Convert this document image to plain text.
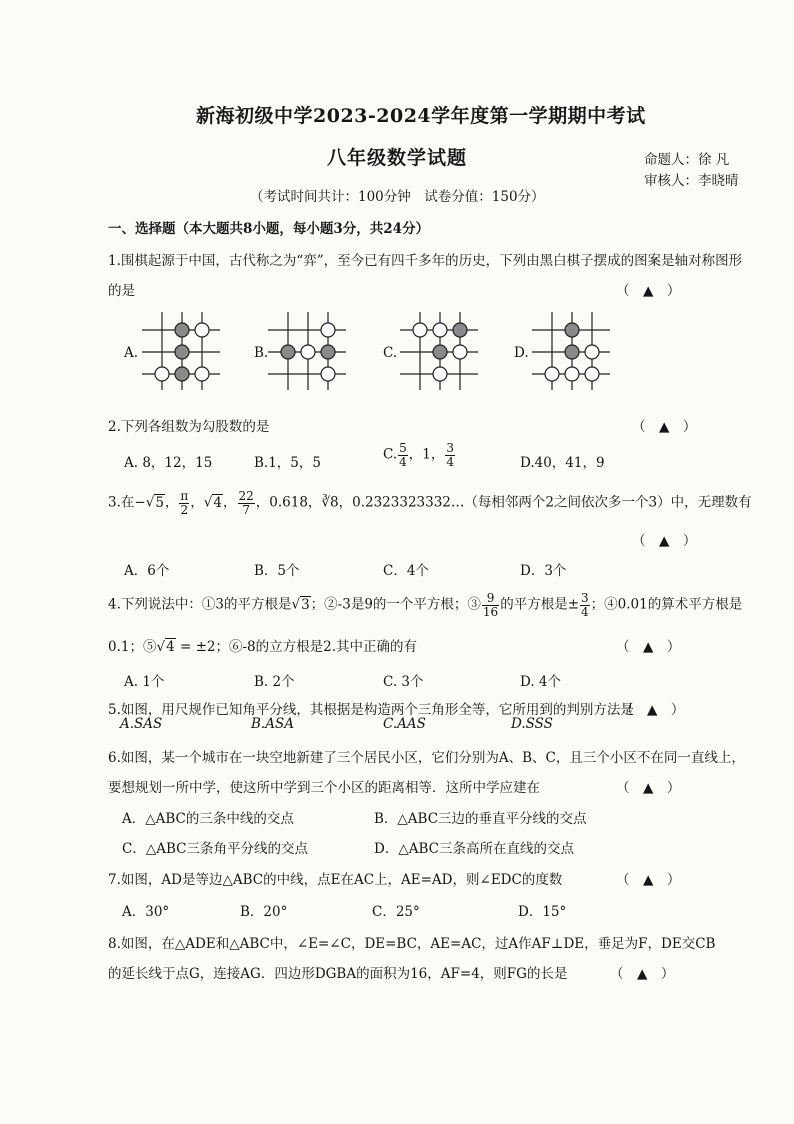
新海初级中学2023-2024学年度第一学期期中考试
八年级数学试题	命题人：徐 凡
审核人：李晓晴
（考试时间共计：100分钟　试卷分值：150分）
一、选择题（本大题共8小题，每小题3分，共24分）
1.围棋起源于中国，古代称之为“弈”，至今已有四千多年的历史，下列由黑白棋子摆成的图案是轴对称图形
的是	（　▲　）
A.	B.	C.	D.
2.下列各组数为勾股数的是	（　▲　）
A. 8，12，15	B.1，5，5
C. $\frac{5}{4}$ ，1， $\frac{3}{4}$	D.40，41，9
3.在−√5， $\frac{\pi}{2}$ ，√4， $\frac{22}{7}$ ，0.618，∛8，0.2323323332…（每相邻两个2之间依次多一个3）中，无理数有
（　▲　）
A．6个	B．5个	C．4个	D．3个
4.下列说法中：①3的平方根是√3；②-3是9的一个平方根；③ $\frac{9}{16}$ 的平方根是± $\frac{3}{4}$ ；④0.01的算术平方根是
0.1；⑤√4 = ±2；⑥-8的立方根是2.其中正确的有	（　▲　）
A. 1个	B. 2个	C. 3个	D. 4个
5.如图，用尺规作已知角平分线，其根据是构造两个三角形全等，它所用到的判别方法是
（　▲　）
A.SAS	B.ASA	C.AAS	D.SSS
6.如图，某一个城市在一块空地新建了三个居民小区，它们分别为A、B、C，且三个小区不在同一直线上，
要想规划一所中学，使这所中学到三个小区的距离相等．这所中学应建在	（　▲　）
A．△ABC的三条中线的交点	B．△ABC三边的垂直平分线的交点
C．△ABC三条角平分线的交点	D．△ABC三条高所在直线的交点
7.如图，AD是等边△ABC的中线，点E在AC上，AE=AD，则∠EDC的度数	（　▲　）
A．30°	B．20°	C．25°	D．15°
8.如图，在△ADE和△ABC中，∠E=∠C，DE=BC，AE=AC，过A作AF⊥DE，垂足为F，DE交CB
的延长线于点G，连接AG．四边形DGBA的面积为16，AF=4，则FG的长是	（　▲　）
